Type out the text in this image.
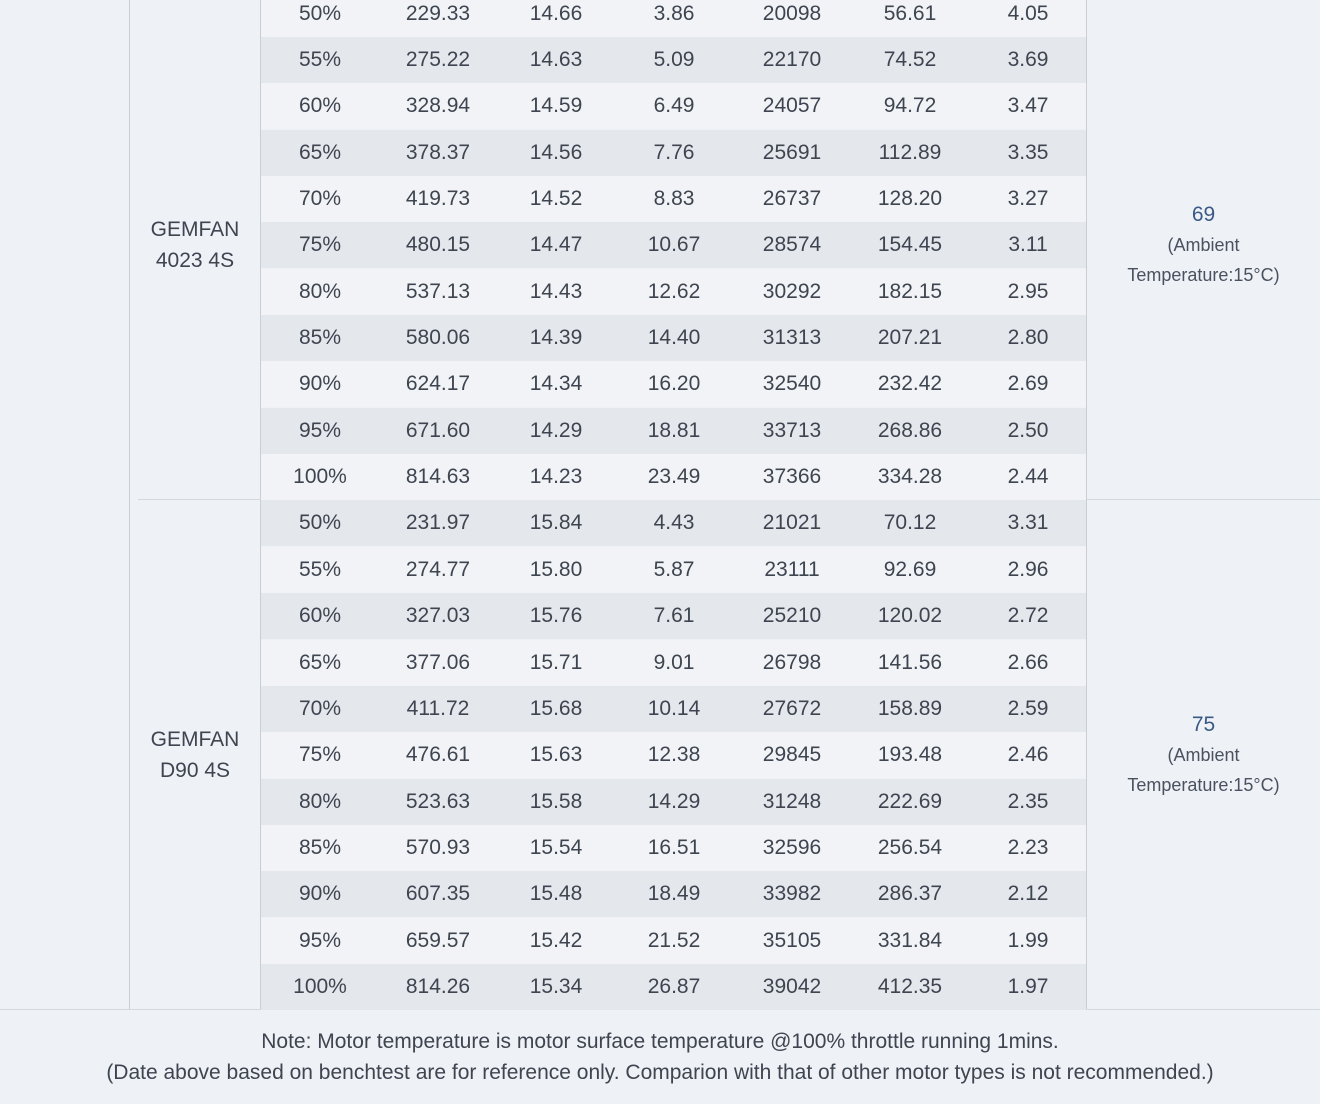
GEMFAN
4023 4S
69
(Ambient
Temperature:15°C)
GEMFAN
D90 4S
75
(Ambient
Temperature:15°C)
50%	229.33	14.66	3.86	20098	56.61	4.05
55%	275.22	14.63	5.09	22170	74.52	3.69
60%	328.94	14.59	6.49	24057	94.72	3.47
65%	378.37	14.56	7.76	25691	112.89	3.35
70%	419.73	14.52	8.83	26737	128.20	3.27
75%	480.15	14.47	10.67	28574	154.45	3.11
80%	537.13	14.43	12.62	30292	182.15	2.95
85%	580.06	14.39	14.40	31313	207.21	2.80
90%	624.17	14.34	16.20	32540	232.42	2.69
95%	671.60	14.29	18.81	33713	268.86	2.50
100%	814.63	14.23	23.49	37366	334.28	2.44
50%	231.97	15.84	4.43	21021	70.12	3.31
55%	274.77	15.80	5.87	23111	92.69	2.96
60%	327.03	15.76	7.61	25210	120.02	2.72
65%	377.06	15.71	9.01	26798	141.56	2.66
70%	411.72	15.68	10.14	27672	158.89	2.59
75%	476.61	15.63	12.38	29845	193.48	2.46
80%	523.63	15.58	14.29	31248	222.69	2.35
85%	570.93	15.54	16.51	32596	256.54	2.23
90%	607.35	15.48	18.49	33982	286.37	2.12
95%	659.57	15.42	21.52	35105	331.84	1.99
100%	814.26	15.34	26.87	39042	412.35	1.97
Note: Motor temperature is motor surface temperature @100% throttle running 1mins.
(Date above based on benchtest are for reference only. Comparion with that of other motor types is not recommended.)
